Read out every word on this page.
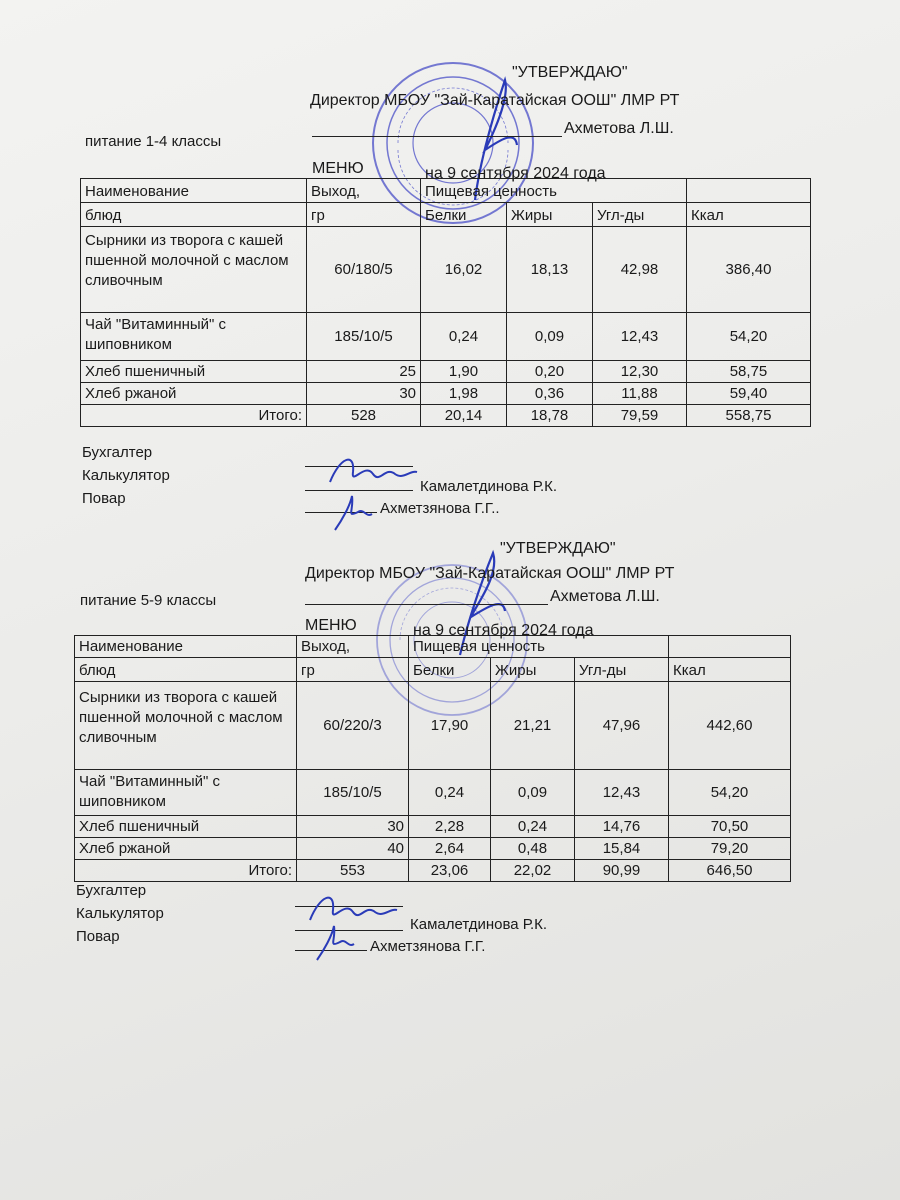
"УТВЕРЖДАЮ"
Директор МБОУ "Зай-Каратайская ООШ" ЛМР РТ
Ахметова Л.Ш.
питание 1-4 классы
МЕНЮ	на 9 сентября 2024 года
Наименование	Выход,	Пищевая ценность			
блюд	гр	Белки	Жиры	Угл-ды	Ккал
Сырники из творога с кашей пшенной молочной с маслом сливочным	60/180/5	16,02	18,13	42,98	386,40
Чай "Витаминный" с шиповником	185/10/5	0,24	0,09	12,43	54,20
Хлеб пшеничный	25	1,90	0,20	12,30	58,75
Хлеб ржаной	30	1,98	0,36	11,88	59,40
Итого:	528	20,14	18,78	79,59	558,75
Бухгалтер
Калькулятор
Повар
Камалетдинова Р.К.
Ахметзянова Г.Г..
"УТВЕРЖДАЮ"
Директор МБОУ "Зай-Каратайская ООШ" ЛМР РТ
Ахметова Л.Ш.
питание 5-9 классы
МЕНЮ	на 9 сентября 2024 года
Наименование	Выход,	Пищевая ценность			
блюд	гр	Белки	Жиры	Угл-ды	Ккал
Сырники из творога с кашей пшенной молочной с маслом сливочным	60/220/3	17,90	21,21	47,96	442,60
Чай "Витаминный" с шиповником	185/10/5	0,24	0,09	12,43	54,20
Хлеб пшеничный	30	2,28	0,24	14,76	70,50
Хлеб ржаной	40	2,64	0,48	15,84	79,20
Итого:	553	23,06	22,02	90,99	646,50
Бухгалтер
Калькулятор
Повар
Камалетдинова Р.К.
Ахметзянова Г.Г.
